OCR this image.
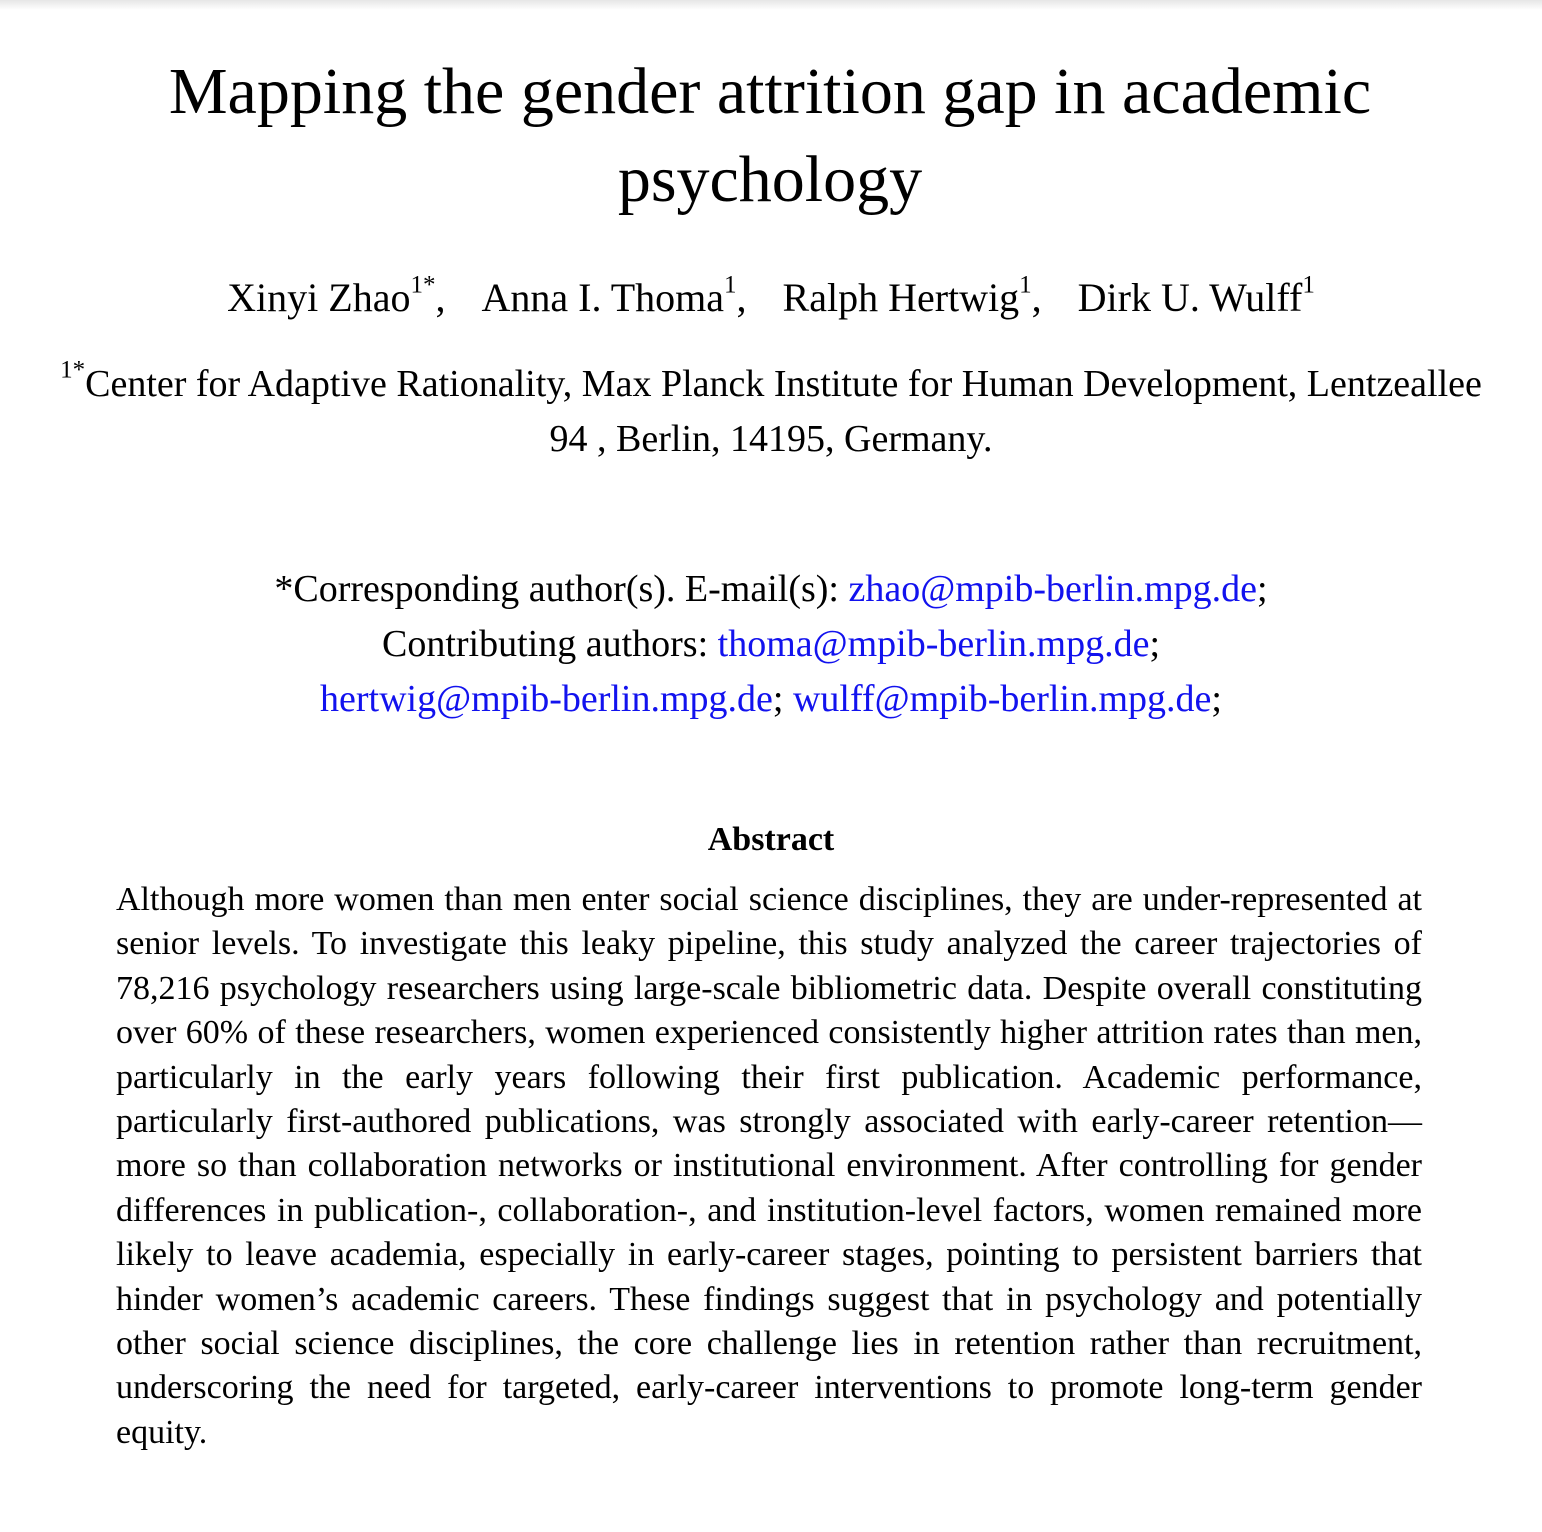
Mapping the gender attrition gap in academic psychology
Xinyi Zhao$^{1*}$, Anna I. Thoma$^1$, Ralph Hertwig$^1$, Dirk U. Wulff$^1$
$^{1*}$Center for Adaptive Rationality, Max Planck Institute for Human Development, Lentzeallee 94 , Berlin, 14195, Germany.
*Corresponding author(s). E-mail(s): zhao@mpib-berlin.mpg.de;
Contributing authors: thoma@mpib-berlin.mpg.de;
hertwig@mpib-berlin.mpg.de; wulff@mpib-berlin.mpg.de;
Abstract

Although more women than men enter social science disciplines, they are under-represented at senior levels. To investigate this leaky pipeline, this study analyzed the career trajectories of 78,216 psychology researchers using large-scale bibliometric data. Despite overall constituting over 60% of these researchers, women experienced consistently higher attrition rates than men, particularly in the early years following their first publication. Academic performance, particularly first-authored publications, was strongly associated with early-career retention—more so than collaboration networks or institutional environment. After controlling for gender differences in publication-, collaboration-, and institution-level factors, women remained more likely to leave academia, especially in early-career stages, pointing to persistent barriers that hinder women’s academic careers. These findings suggest that in psychology and potentially other social science disciplines, the core challenge lies in retention rather than recruitment, underscoring the need for targeted, early-career interventions to promote long-term gender equity.
